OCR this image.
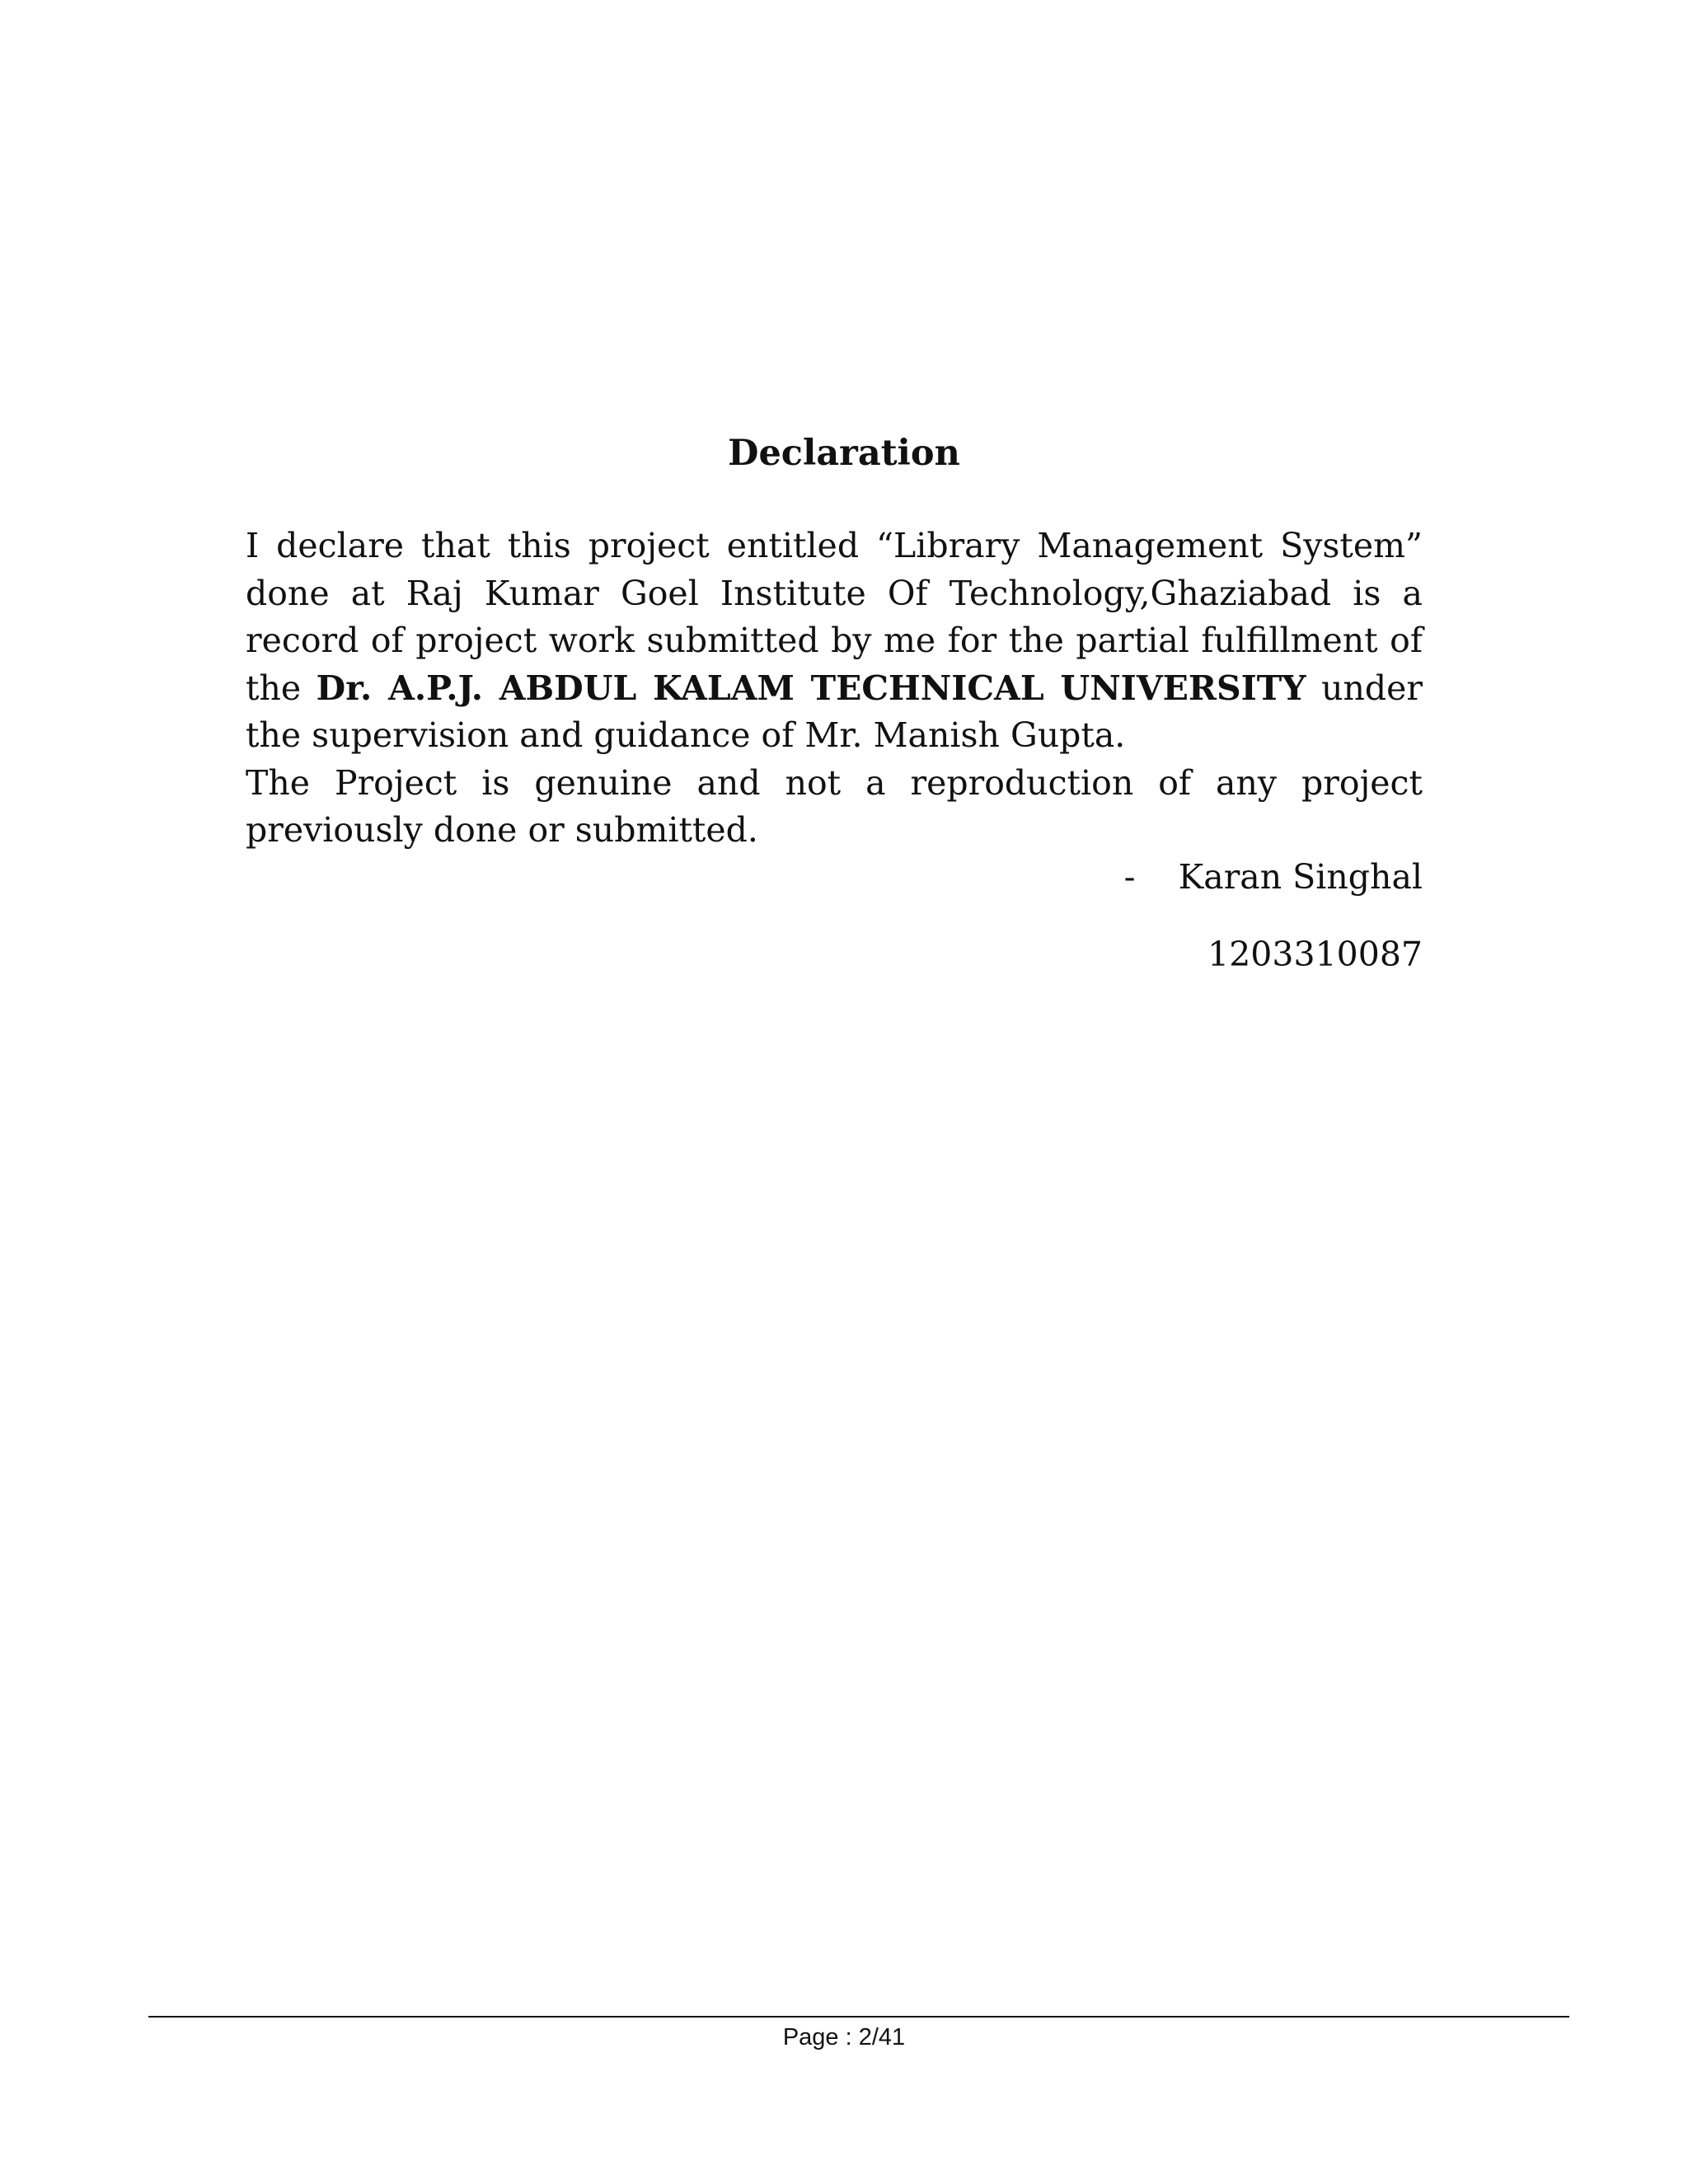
Declaration

I declare that this project entitled “Library Management System” done at Raj Kumar Goel Institute Of Technology,Ghaziabad is a record of project work submitted by me for the partial fulfillment of the Dr. A.P.J. ABDUL KALAM TECHNICAL UNIVERSITY under the supervision and guidance of Mr. Manish Gupta.

The Project is genuine and not a reproduction of any project previously done or submitted.

- Karan Singhal
1203310087
Page : 2/41
